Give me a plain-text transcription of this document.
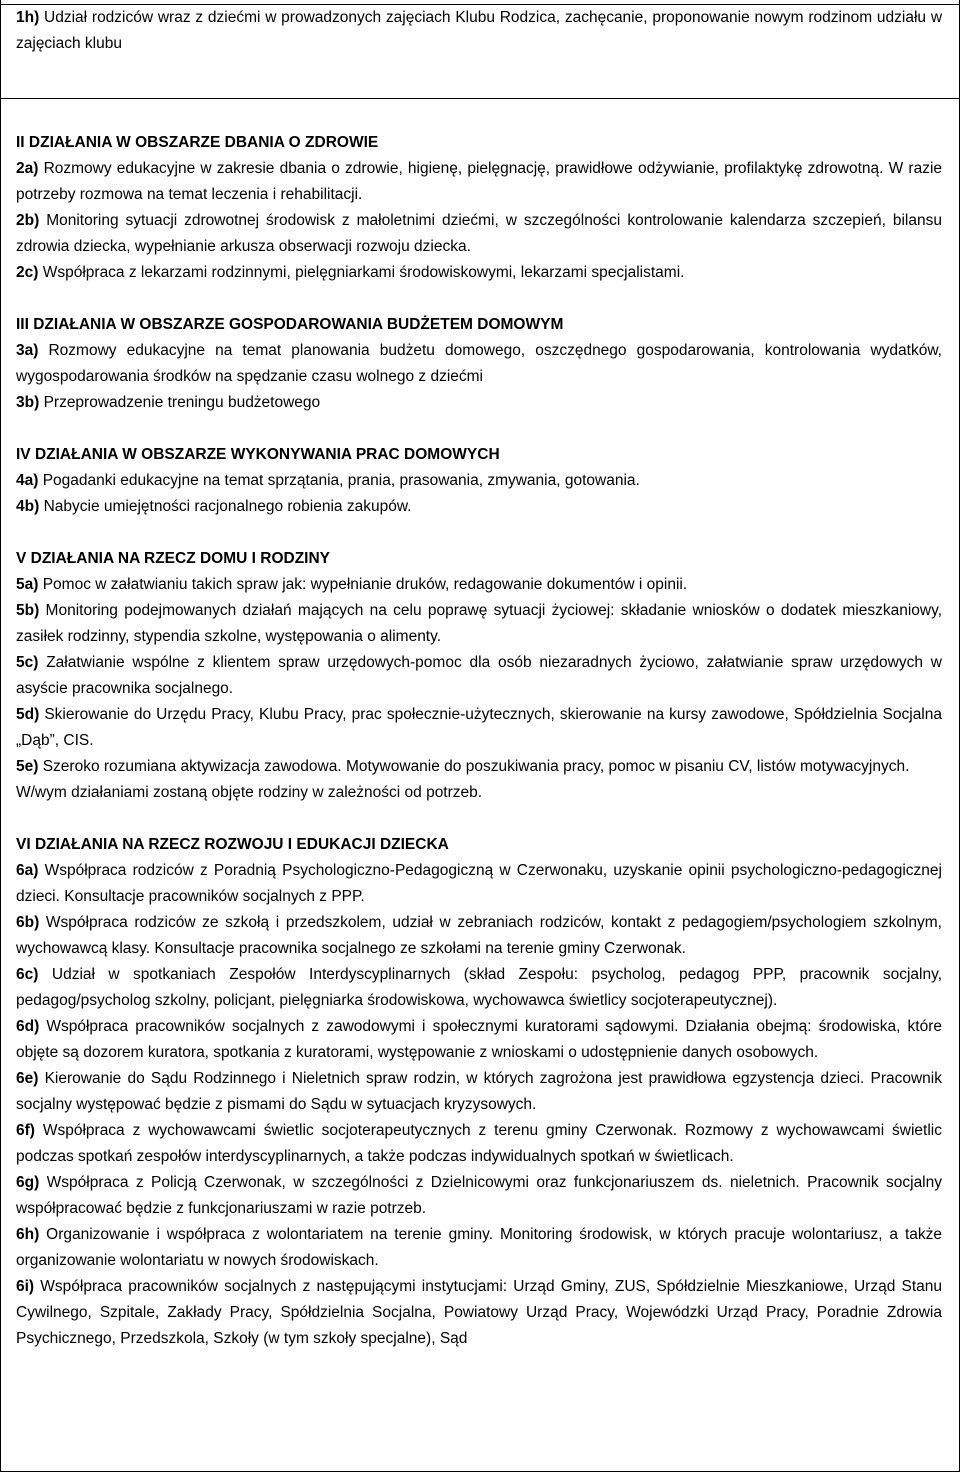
1h) Udział rodziców wraz z dziećmi w prowadzonych zajęciach Klubu Rodzica, zachęcanie, proponowanie nowym rodzinom udziału w zajęciach klubu

II DZIAŁANIA W OBSZARZE DBANIA O ZDROWIE

2a) Rozmowy edukacyjne w zakresie dbania o zdrowie, higienę, pielęgnację, prawidłowe odżywianie, profilaktykę zdrowotną. W razie potrzeby rozmowa na temat leczenia i rehabilitacji.

2b) Monitoring sytuacji zdrowotnej środowisk z małoletnimi dziećmi, w szczególności kontrolowanie kalendarza szczepień, bilansu zdrowia dziecka, wypełnianie arkusza obserwacji rozwoju dziecka.

2c) Współpraca z lekarzami rodzinnymi, pielęgniarkami środowiskowymi, lekarzami specjalistami.

III DZIAŁANIA W OBSZARZE GOSPODAROWANIA BUDŻETEM DOMOWYM

3a) Rozmowy edukacyjne na temat planowania budżetu domowego, oszczędnego gospodarowania, kontrolowania wydatków, wygospodarowania środków na spędzanie czasu wolnego z dziećmi

3b) Przeprowadzenie treningu budżetowego

IV DZIAŁANIA W OBSZARZE WYKONYWANIA PRAC DOMOWYCH

4a) Pogadanki edukacyjne na temat sprzątania, prania, prasowania, zmywania, gotowania.

4b) Nabycie umiejętności racjonalnego robienia zakupów.

V DZIAŁANIA NA RZECZ DOMU I RODZINY

5a) Pomoc w załatwianiu takich spraw jak: wypełnianie druków, redagowanie dokumentów i opinii.

5b) Monitoring podejmowanych działań mających na celu poprawę sytuacji życiowej: składanie wniosków o dodatek mieszkaniowy, zasiłek rodzinny, stypendia szkolne, występowania o alimenty.

5c) Załatwianie wspólne z klientem spraw urzędowych-pomoc dla osób niezaradnych życiowo, załatwianie spraw urzędowych w asyście pracownika socjalnego.

5d) Skierowanie do Urzędu Pracy, Klubu Pracy, prac społecznie-użytecznych, skierowanie na kursy zawodowe, Spółdzielnia Socjalna „Dąb”, CIS.

5e) Szeroko rozumiana aktywizacja zawodowa. Motywowanie do poszukiwania pracy, pomoc w pisaniu CV, listów motywacyjnych.

W/wym działaniami zostaną objęte rodziny w zależności od potrzeb.

VI DZIAŁANIA NA RZECZ ROZWOJU I EDUKACJI DZIECKA

6a) Współpraca rodziców z Poradnią Psychologiczno-Pedagogiczną w Czerwonaku, uzyskanie opinii psychologiczno-pedagogicznej dzieci. Konsultacje pracowników socjalnych z PPP.

6b) Współpraca rodziców ze szkołą i przedszkolem, udział w zebraniach rodziców, kontakt z pedagogiem/psychologiem szkolnym, wychowawcą klasy. Konsultacje pracownika socjalnego ze szkołami na terenie gminy Czerwonak.

6c) Udział w spotkaniach Zespołów Interdyscyplinarnych (skład Zespołu: psycholog, pedagog PPP, pracownik socjalny, pedagog/psycholog szkolny, policjant, pielęgniarka środowiskowa, wychowawca świetlicy socjoterapeutycznej).

6d) Współpraca pracowników socjalnych z zawodowymi i społecznymi kuratorami sądowymi. Działania obejmą: środowiska, które objęte są dozorem kuratora, spotkania z kuratorami, występowanie z wnioskami o udostępnienie danych osobowych.

6e) Kierowanie do Sądu Rodzinnego i Nieletnich spraw rodzin, w których zagrożona jest prawidłowa egzystencja dzieci. Pracownik socjalny występować będzie z pismami do Sądu w sytuacjach kryzysowych.

6f) Współpraca z wychowawcami świetlic socjoterapeutycznych z terenu gminy Czerwonak. Rozmowy z wychowawcami świetlic podczas spotkań zespołów interdyscyplinarnych, a także podczas indywidualnych spotkań w świetlicach.

6g) Współpraca z Policją Czerwonak, w szczególności z Dzielnicowymi oraz funkcjonariuszem ds. nieletnich. Pracownik socjalny współpracować będzie z funkcjonariuszami w razie potrzeb.

6h) Organizowanie i współpraca z wolontariatem na terenie gminy. Monitoring środowisk, w których pracuje wolontariusz, a także organizowanie wolontariatu w nowych środowiskach.

6i) Współpraca pracowników socjalnych z następującymi instytucjami: Urząd Gminy, ZUS, Spółdzielnie Mieszkaniowe, Urząd Stanu Cywilnego, Szpitale, Zakłady Pracy, Spółdzielnia Socjalna, Powiatowy Urząd Pracy, Wojewódzki Urząd Pracy, Poradnie Zdrowia Psychicznego, Przedszkola, Szkoły (w tym szkoły specjalne), Sąd
